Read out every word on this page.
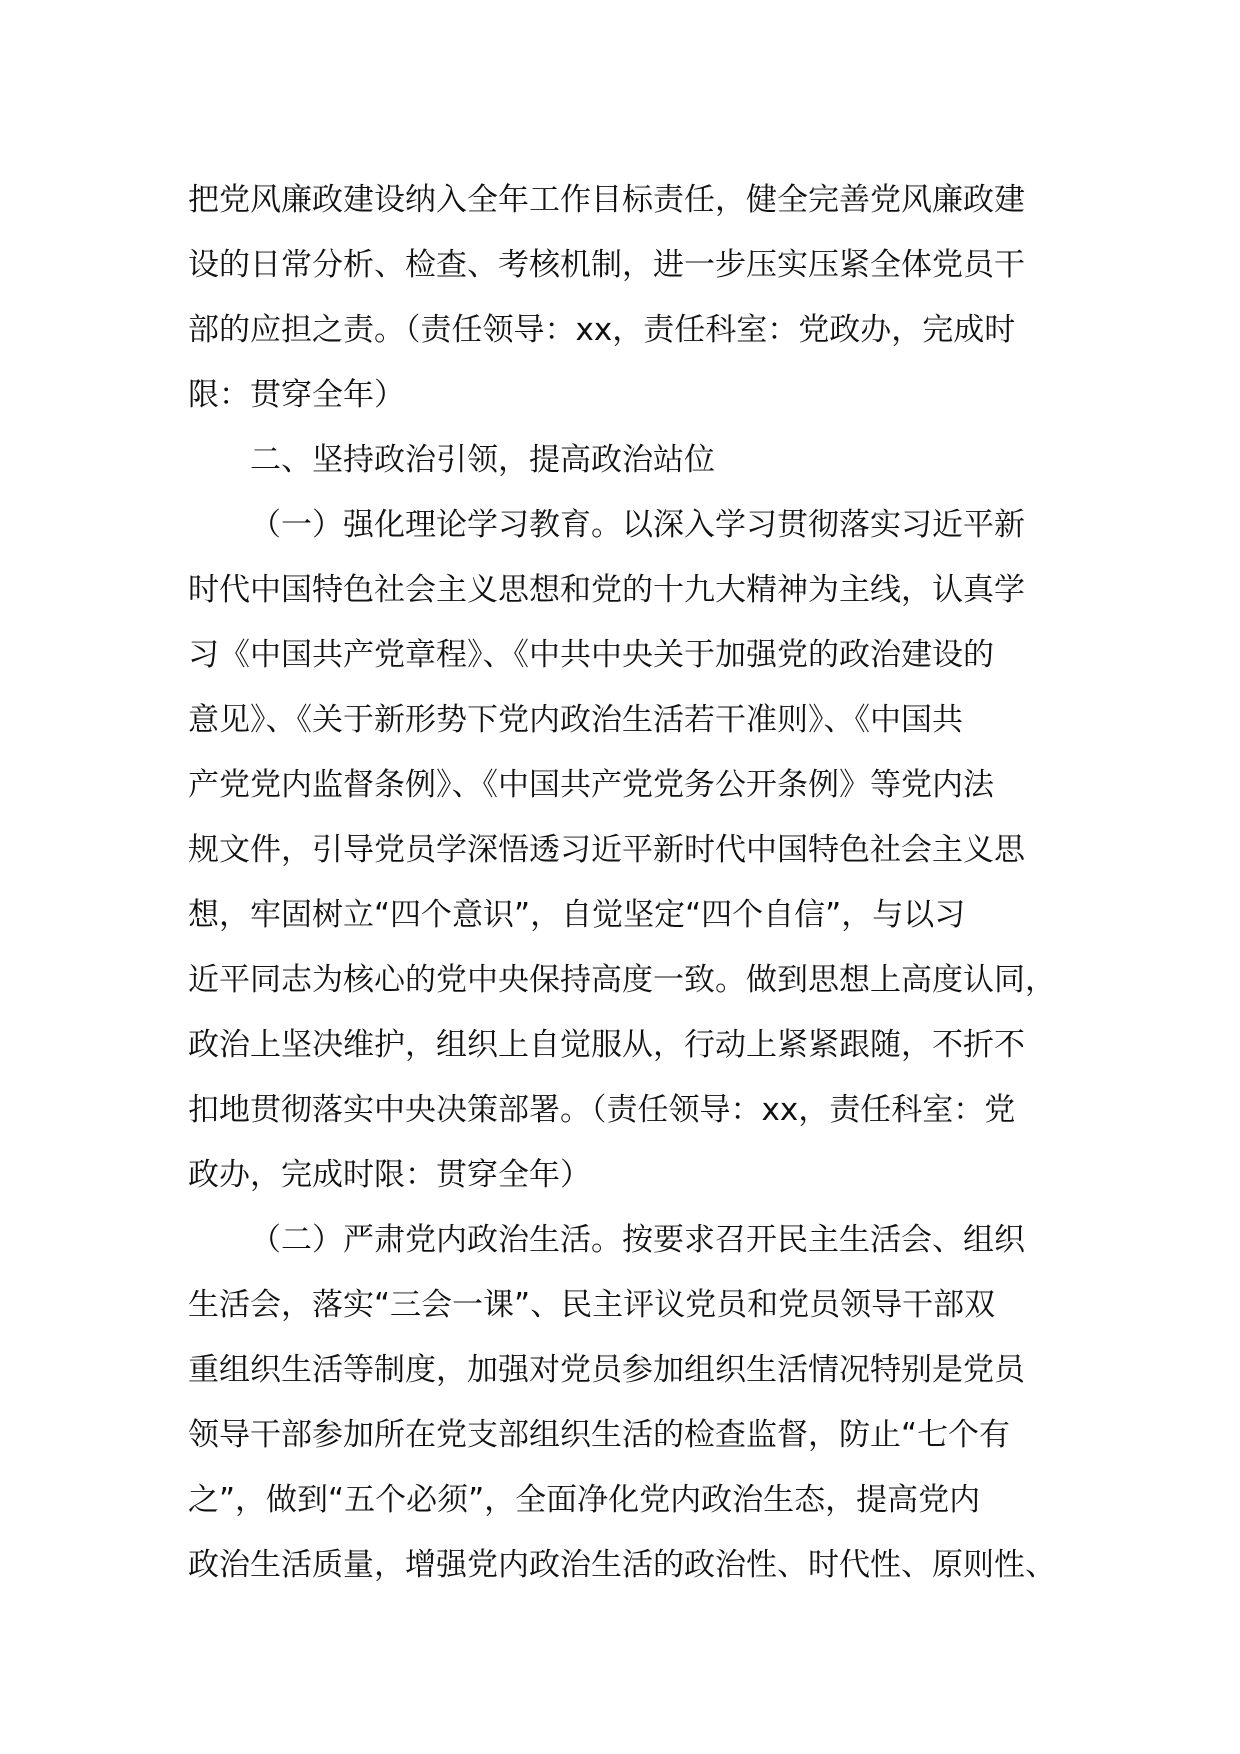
把党风廉政建设纳入全年工作目标责任，健全完善党风廉政建
设的日常分析、检查、考核机制，进一步压实压紧全体党员干
部的应担之责。（责任领导：xx，责任科室：党政办，完成时
限：贯穿全年）
二、坚持政治引领，提高政治站位
（一）强化理论学习教育。以深入学习贯彻落实习近平新
时代中国特色社会主义思想和党的十九大精神为主线，认真学
习《中国共产党章程》、《中共中央关于加强党的政治建设的
意见》、《关于新形势下党内政治生活若干准则》、《中国共
产党党内监督条例》、《中国共产党党务公开条例》等党内法
规文件，引导党员学深悟透习近平新时代中国特色社会主义思
想，牢固树立“四个意识”，自觉坚定“四个自信”，与以习
近平同志为核心的党中央保持高度一致。做到思想上高度认同，
政治上坚决维护，组织上自觉服从，行动上紧紧跟随，不折不
扣地贯彻落实中央决策部署。（责任领导：xx，责任科室：党
政办，完成时限：贯穿全年）
（二）严肃党内政治生活。按要求召开民主生活会、组织
生活会，落实“三会一课”、民主评议党员和党员领导干部双
重组织生活等制度，加强对党员参加组织生活情况特别是党员
领导干部参加所在党支部组织生活的检查监督，防止“七个有
之”，做到“五个必须”，全面净化党内政治生态，提高党内
政治生活质量，增强党内政治生活的政治性、时代性、原则性、
